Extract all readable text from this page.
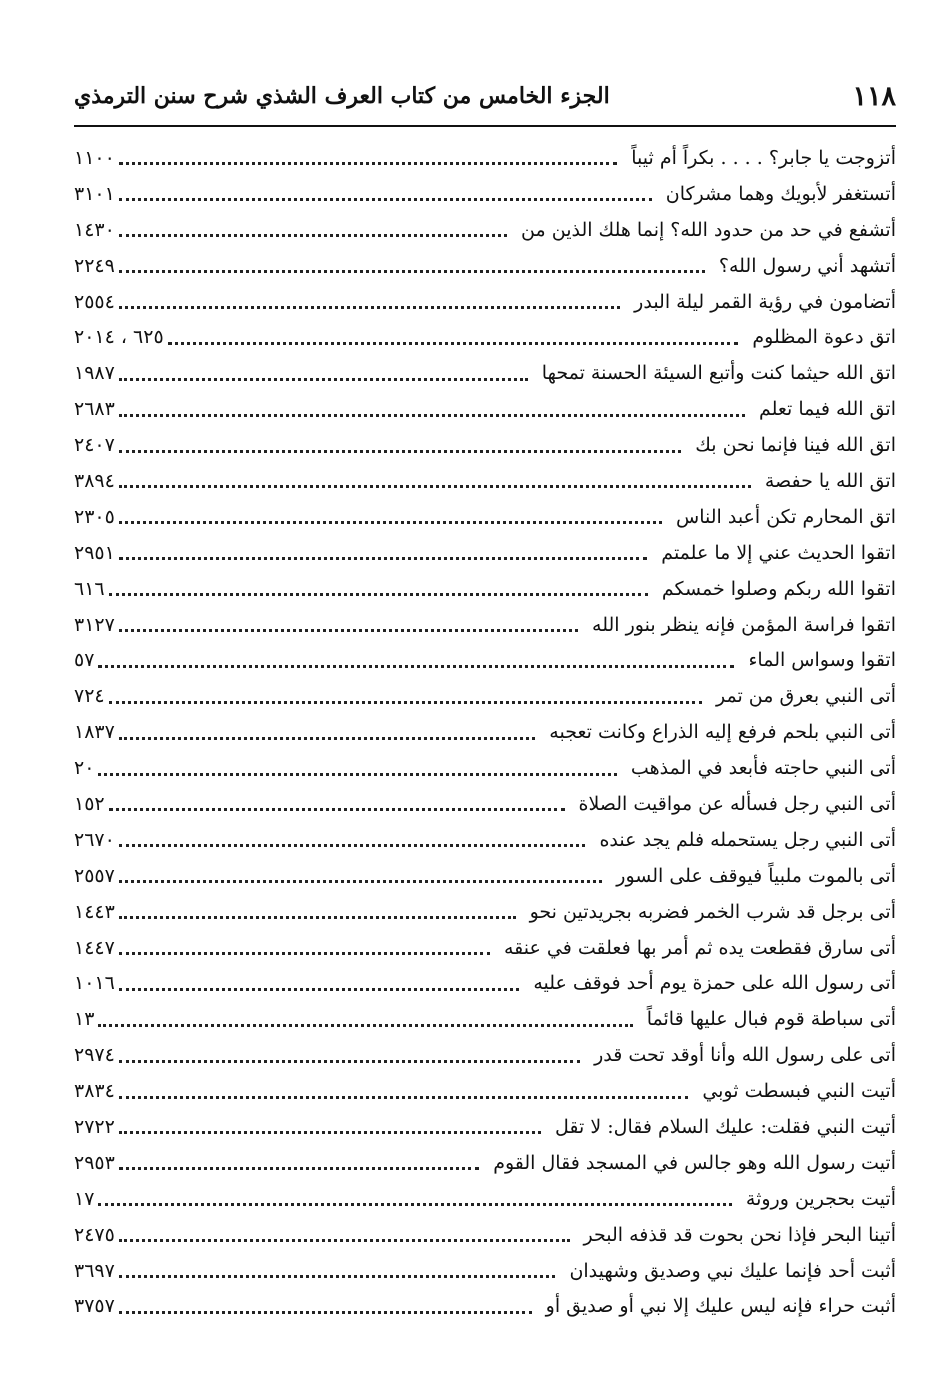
١١٨
الجزء الخامس من كتاب العرف الشذي شرح سنن الترمذي
أتزوجت يا جابر؟ . . . . بكراً أم ثيباً
١١٠٠
أتستغفر لأبويك وهما مشركان
٣١٠١
أتشفع في حد من حدود الله؟ إنما هلك الذين من
١٤٣٠
أتشهد أني رسول الله؟
٢٢٤٩
أتضامون في رؤية القمر ليلة البدر
٢٥٥٤
اتق دعوة المظلوم
٦٢٥ ، ٢٠١٤
اتق الله حيثما كنت وأتبع السيئة الحسنة تمحها
١٩٨٧
اتق الله فيما تعلم
٢٦٨٣
اتق الله فينا فإنما نحن بك
٢٤٠٧
اتق الله يا حفصة
٣٨٩٤
اتق المحارم تكن أعبد الناس
٢٣٠٥
اتقوا الحديث عني إلا ما علمتم
٢٩٥١
اتقوا الله ربكم وصلوا خمسكم
٦١٦
اتقوا فراسة المؤمن فإنه ينظر بنور الله
٣١٢٧
اتقوا وسواس الماء
٥٧
أتى النبي بعرق من تمر
٧٢٤
أتى النبي بلحم فرفع إليه الذراع وكانت تعجبه
١٨٣٧
أتى النبي حاجته فأبعد في المذهب
٢٠
أتى النبي رجل فسأله عن مواقيت الصلاة
١٥٢
أتى النبي رجل يستحمله فلم يجد عنده
٢٦٧٠
أتى بالموت ملبياً فيوقف على السور
٢٥٥٧
أتى برجل قد شرب الخمر فضربه بجريدتين نحو
١٤٤٣
أتى سارق فقطعت يده ثم أمر بها فعلقت في عنقه
١٤٤٧
أتى رسول الله على حمزة يوم أحد فوقف عليه
١٠١٦
أتى سباطة قوم فبال عليها قائماً
١٣
أتى على رسول الله وأنا أوقد تحت قدر
٢٩٧٤
أتيت النبي فبسطت ثوبي
٣٨٣٤
أتيت النبي فقلت: عليك السلام فقال: لا تقل
٢٧٢٢
أتيت رسول الله وهو جالس في المسجد فقال القوم
٢٩٥٣
أتيت بحجرين وروثة
١٧
أتينا البحر فإذا نحن بحوت قد قذفه البحر
٢٤٧٥
أثبت أحد فإنما عليك نبي وصديق وشهيدان
٣٦٩٧
أثبت حراء فإنه ليس عليك إلا نبي أو صديق أو
٣٧٥٧
